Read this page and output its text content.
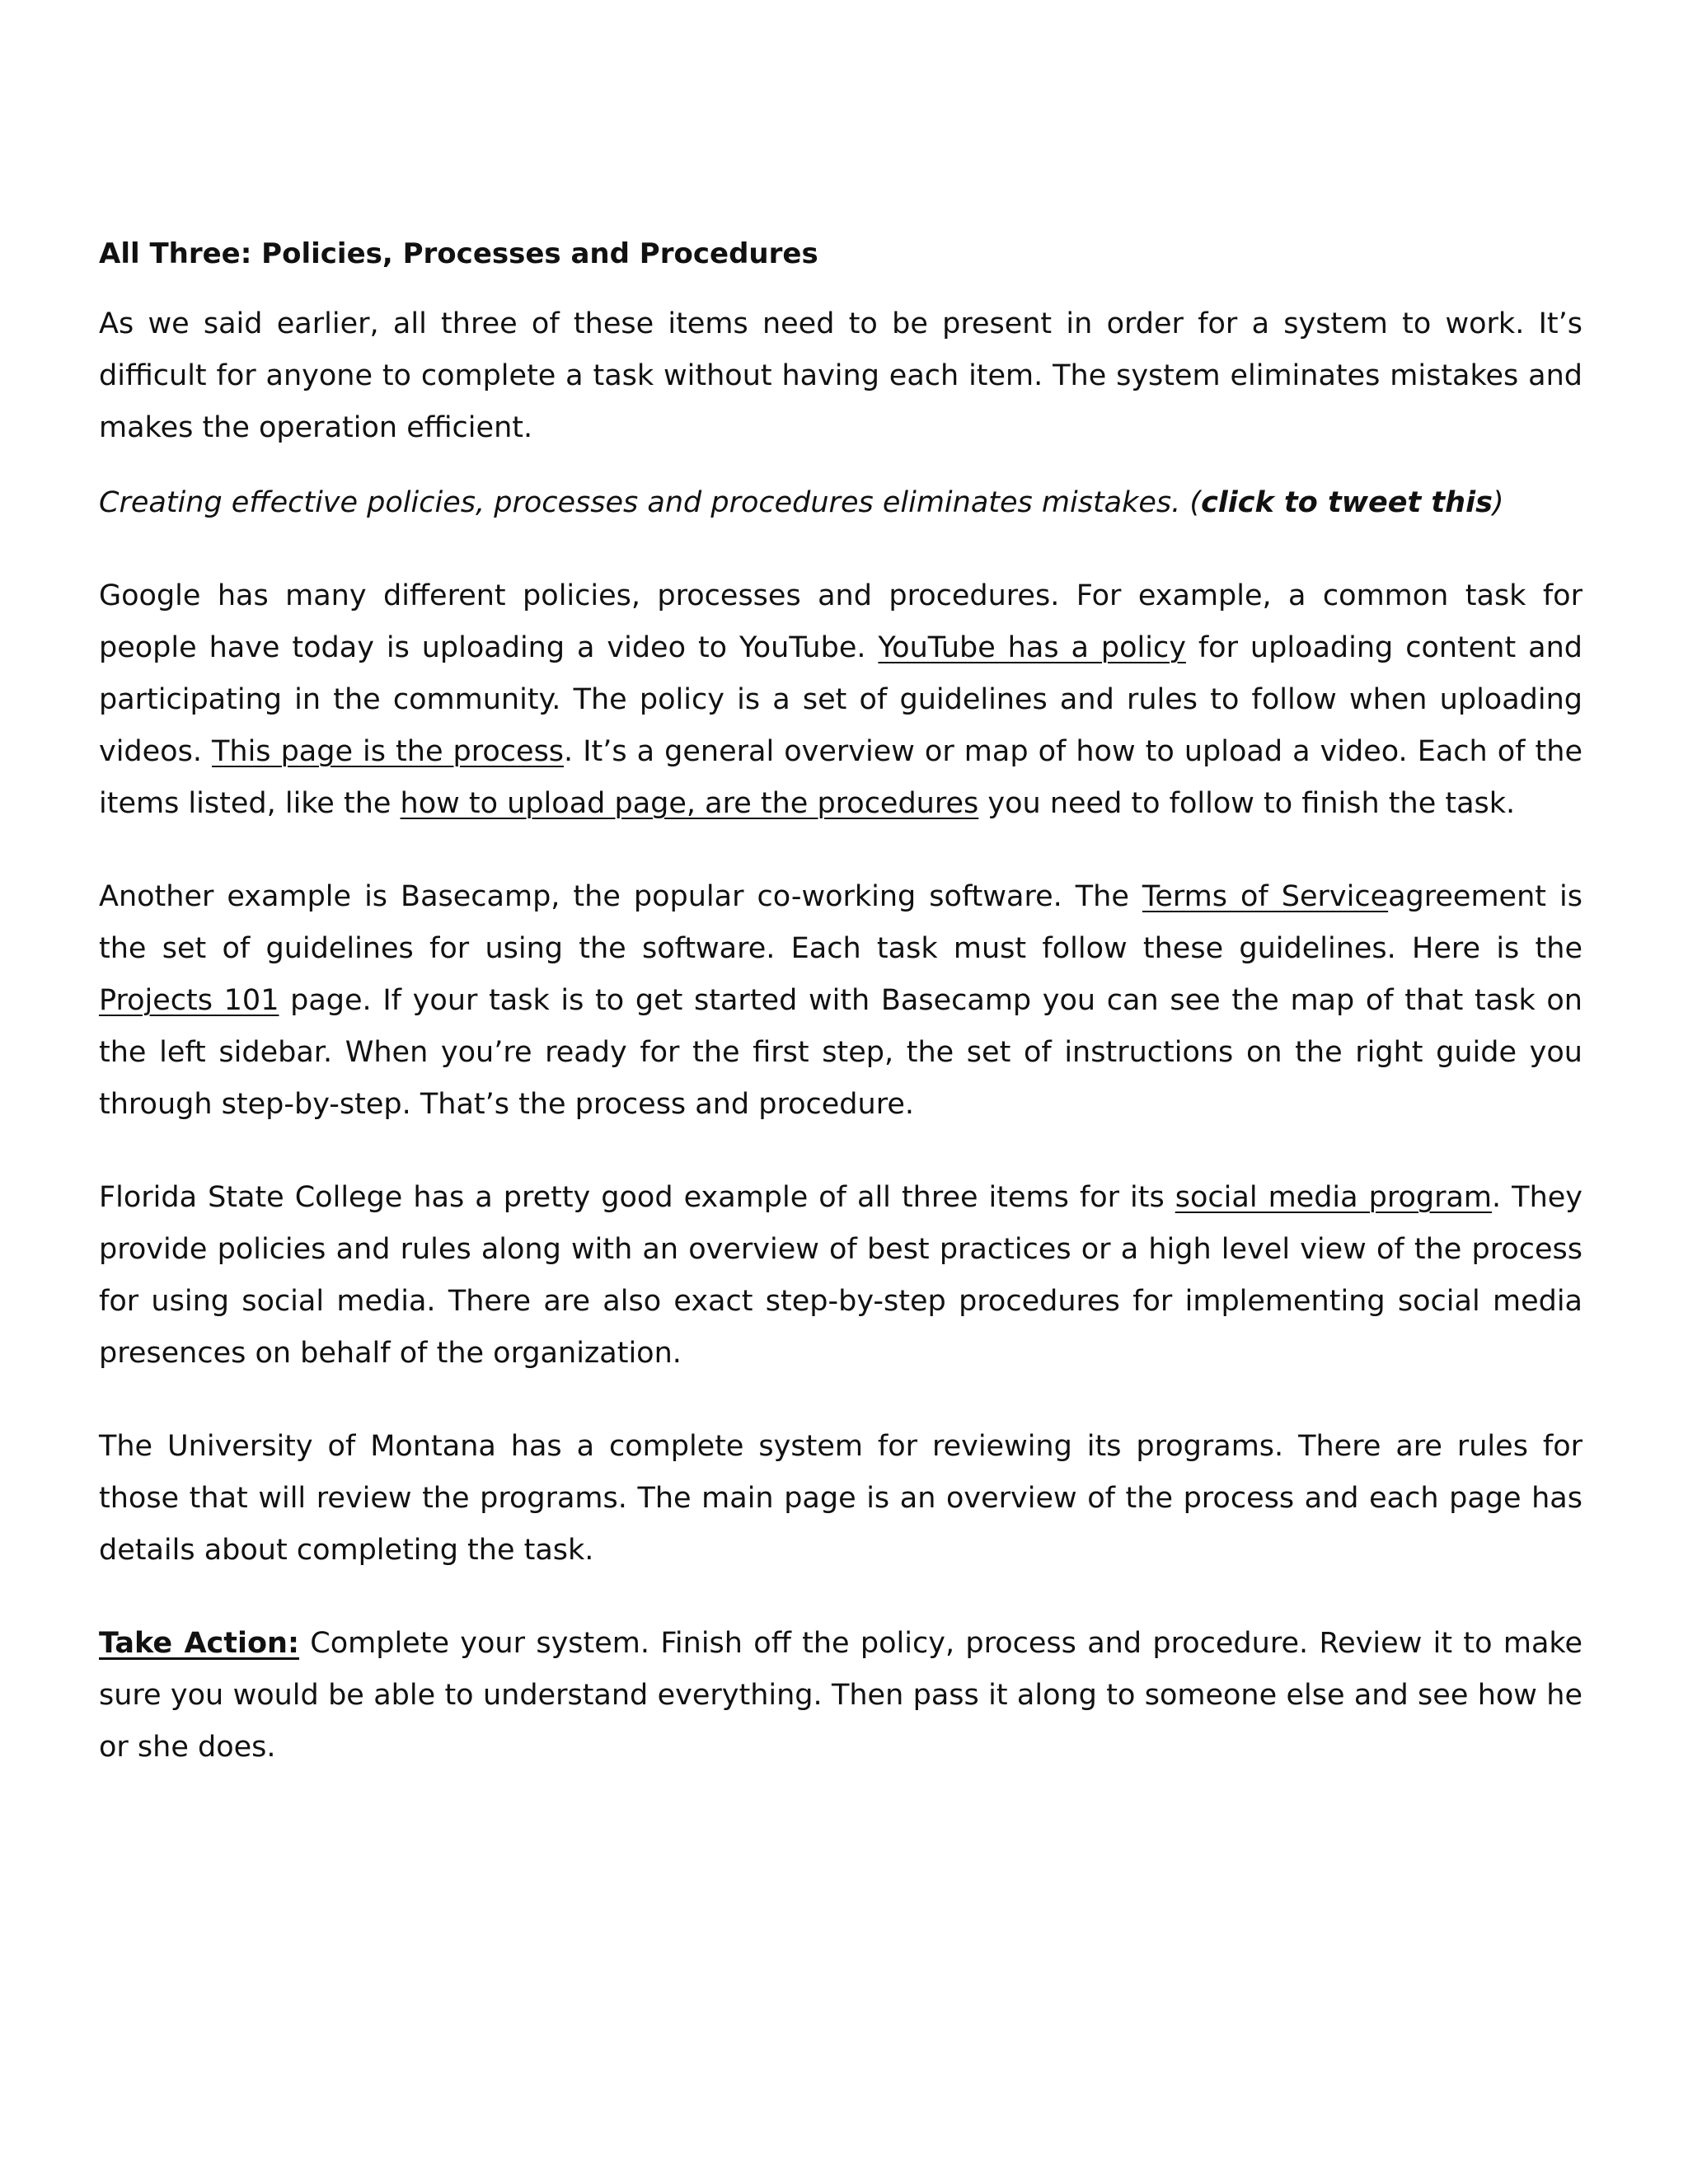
All Three: Policies, Processes and Procedures

As we said earlier, all three of these items need to be present in order for a system to work. It’s difficult for anyone to complete a task without having each item. The system eliminates mistakes and makes the operation efficient.

Creating effective policies, processes and procedures eliminates mistakes. (click to tweet this)

Google has many different policies, processes and procedures. For example, a common task for people have today is uploading a video to YouTube. YouTube has a policy for uploading content and participating in the community. The policy is a set of guidelines and rules to follow when uploading videos. This page is the process. It’s a general overview or map of how to upload a video. Each of the items listed, like the how to upload page, are the procedures you need to follow to finish the task.

Another example is Basecamp, the popular co-working software. The Terms of Serviceagreement is the set of guidelines for using the software. Each task must follow these guidelines. Here is the Projects 101 page. If your task is to get started with Basecamp you can see the map of that task on the left sidebar. When you’re ready for the first step, the set of instructions on the right guide you through step-by-step. That’s the process and procedure.

Florida State College has a pretty good example of all three items for its social media program. They provide policies and rules along with an overview of best practices or a high level view of the process for using social media. There are also exact step-by-step procedures for implementing social media presences on behalf of the organization.

The University of Montana has a complete system for reviewing its programs. There are rules for those that will review the programs. The main page is an overview of the process and each page has details about completing the task.

Take Action: Complete your system. Finish off the policy, process and procedure. Review it to make sure you would be able to understand everything. Then pass it along to someone else and see how he or she does.
